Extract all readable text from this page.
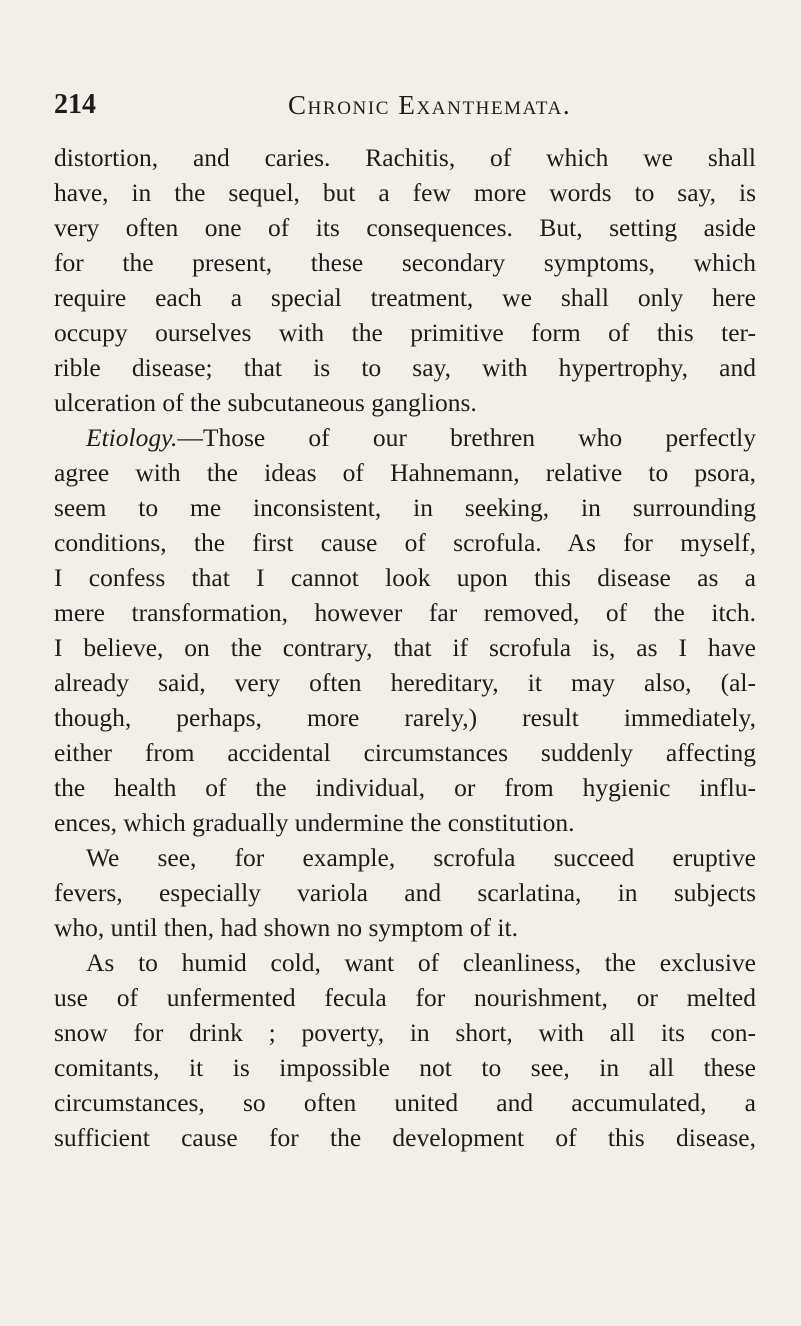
214	Chronic Exanthemata.
distortion, and caries. Rachitis, of which we shall
have, in the sequel, but a few more words to say, is
very often one of its consequences. But, setting aside
for the present, these secondary symptoms, which
require each a special treatment, we shall only here
occupy ourselves with the primitive form of this ter-
rible disease; that is to say, with hypertrophy, and
ulceration of the subcutaneous ganglions.
Etiology.—Those of our brethren who perfectly
agree with the ideas of Hahnemann, relative to psora,
seem to me inconsistent, in seeking, in surrounding
conditions, the first cause of scrofula. As for myself,
I confess that I cannot look upon this disease as a
mere transformation, however far removed, of the itch.
I believe, on the contrary, that if scrofula is, as I have
already said, very often hereditary, it may also, (al-
though, perhaps, more rarely,) result immediately,
either from accidental circumstances suddenly affecting
the health of the individual, or from hygienic influ-
ences, which gradually undermine the constitution.
We see, for example, scrofula succeed eruptive
fevers, especially variola and scarlatina, in subjects
who, until then, had shown no symptom of it.
As to humid cold, want of cleanliness, the exclusive
use of unfermented fecula for nourishment, or melted
snow for drink ; poverty, in short, with all its con-
comitants, it is impossible not to see, in all these
circumstances, so often united and accumulated, a
sufficient cause for the development of this disease,
